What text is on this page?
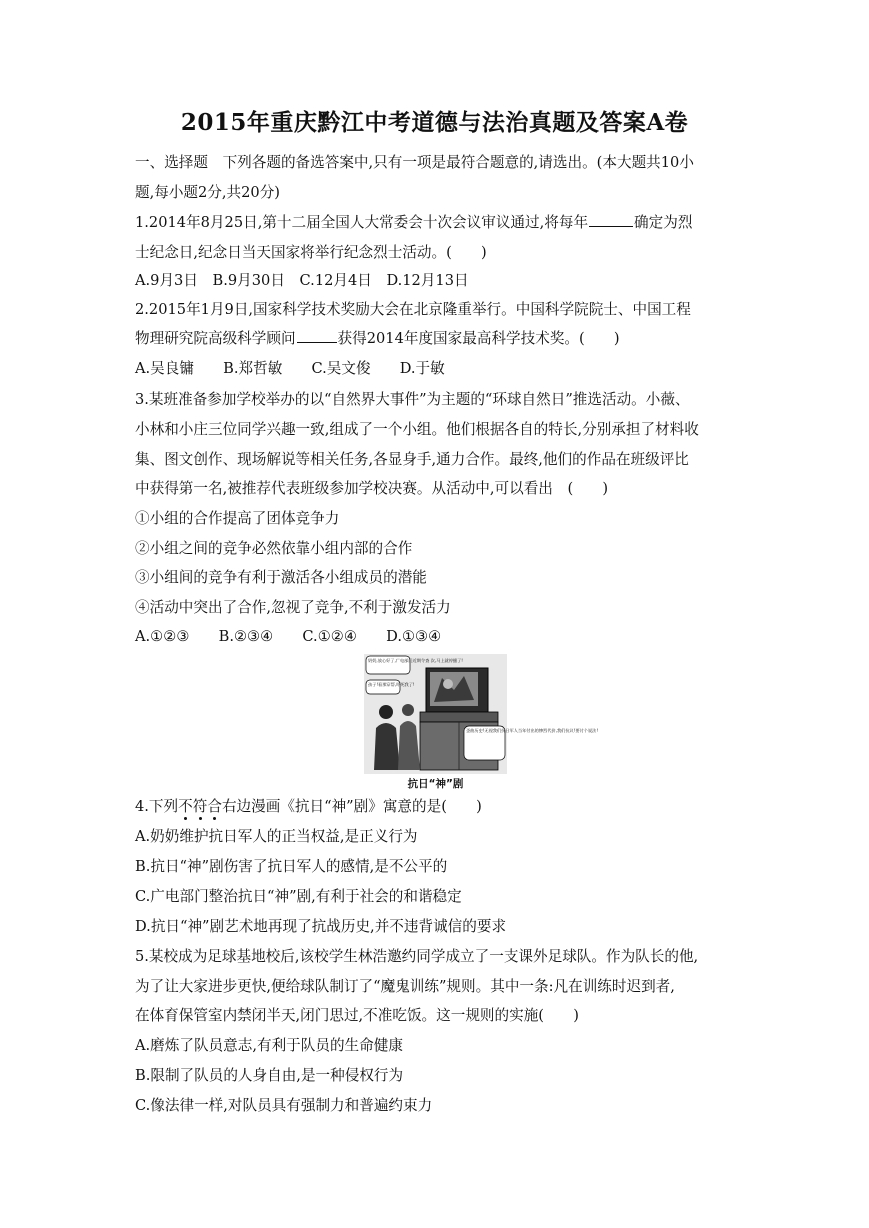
2015年重庆黔江中考道德与法治真题及答案A卷
一、选择题　下列各题的备选答案中,只有一项是最符合题意的,请选出。(本大题共10小
题,每小题2分,共20分)
1.2014年8月25日,第十二届全国人大常委会十次会议审议通过,将每年	确定为烈
士纪念日,纪念日当天国家将举行纪念烈士活动。(　　)
A.9月3日　B.9月30日　C.12月4日　D.12月13日
2.2015年1月9日,国家科学技术奖励大会在北京隆重举行。中国科学院院士、中国工程
物理研究院高级科学顾问	获得2014年度国家最高科学技术奖。(　　)
A.吴良镛　　B.郑哲敏　　C.吴文俊　　D.于敏
3.某班准备参加学校举办的以“自然界大事件”为主题的“环球自然日”推选活动。小薇、
小林和小庄三位同学兴趣一致,组成了一个小组。他们根据各自的特长,分别承担了材料收
集、图文创作、现场解说等相关任务,各显身手,通力合作。最终,他们的作品在班级评比
中获得第一名,被推荐代表班级参加学校决赛。从活动中,可以看出　(　　)
①小组的合作提高了团体竞争力
②小组之间的竞争必然依靠小组内部的合作
③小组间的竞争有利于激活各小组成员的潜能
④活动中突出了合作,忽视了竞争,不利于激发活力
A.①②③　　B.②③④　　C.①②④　　D.①③④
奶奶,放心好了,广电部门近期令查 次,马上就停播了!
孩子!看那穿帮,吓死我了!
歪曲历史!无视我们抗日军人当年付出的惨烈代价,我们抗议!要讨个说法!
抗日“神”剧
4.下列不符合右边漫画《抗日“神”剧》寓意的是(　　)
A.奶奶维护抗日军人的正当权益,是正义行为
B.抗日“神”剧伤害了抗日军人的感情,是不公平的
C.广电部门整治抗日“神”剧,有利于社会的和谐稳定
D.抗日“神”剧艺术地再现了抗战历史,并不违背诚信的要求
5.某校成为足球基地校后,该校学生林浩邀约同学成立了一支课外足球队。作为队长的他,
为了让大家进步更快,便给球队制订了“魔鬼训练”规则。其中一条:凡在训练时迟到者,
在体育保管室内禁闭半天,闭门思过,不准吃饭。这一规则的实施(　　)
A.磨炼了队员意志,有利于队员的生命健康
B.限制了队员的人身自由,是一种侵权行为
C.像法律一样,对队员具有强制力和普遍约束力
